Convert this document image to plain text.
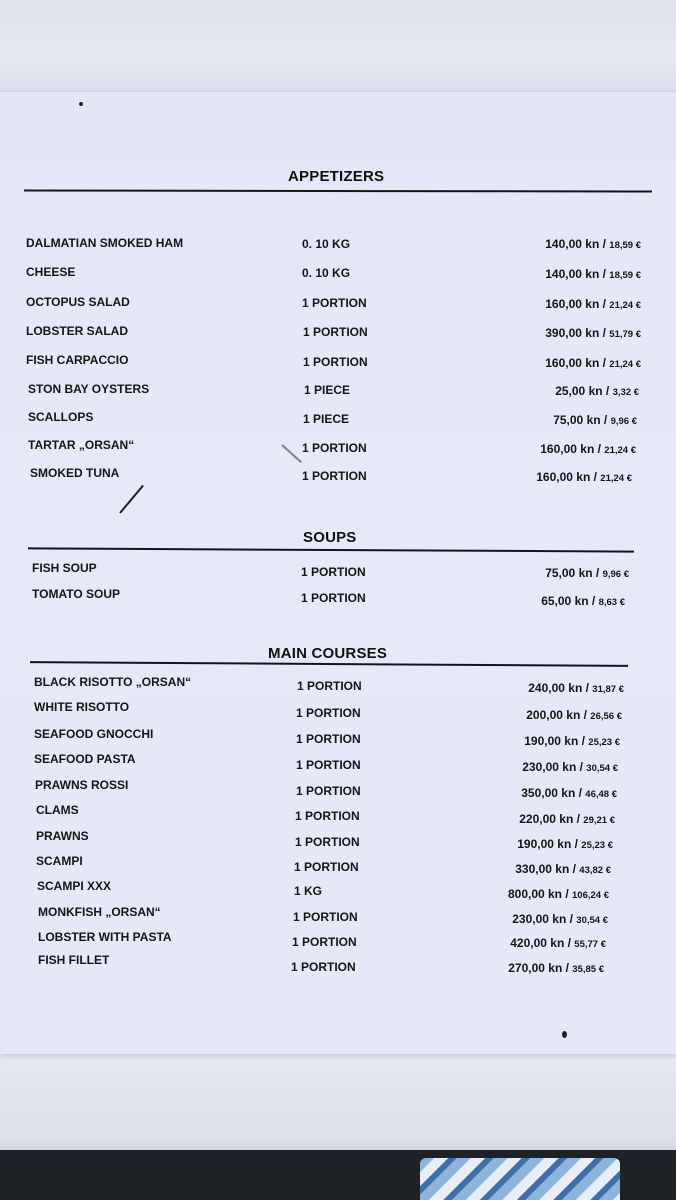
APPETIZERS
SOUPS
MAIN COURSES
DALMATIAN SMOKED HAM	0. 10 KG	140,00 kn / 18,59 €
CHEESE	0. 10 KG	140,00 kn / 18,59 €
OCTOPUS SALAD	1 PORTION	160,00 kn / 21,24 €
LOBSTER SALAD	1 PORTION	390,00 kn / 51,79 €
FISH CARPACCIO	1 PORTION	160,00 kn / 21,24 €
STON BAY OYSTERS	1 PIECE	25,00 kn / 3,32 €
SCALLOPS	1 PIECE	75,00 kn / 9,96 €
TARTAR „ORSAN“	1 PORTION	160,00 kn / 21,24 €
SMOKED TUNA	1 PORTION	160,00 kn / 21,24 €
FISH SOUP	1 PORTION	75,00 kn / 9,96 €
TOMATO SOUP	1 PORTION	65,00 kn / 8,63 €
BLACK RISOTTO „ORSAN“	1 PORTION	240,00 kn / 31,87 €
WHITE RISOTTO	1 PORTION	200,00 kn / 26,56 €
SEAFOOD GNOCCHI	1 PORTION	190,00 kn / 25,23 €
SEAFOOD PASTA	1 PORTION	230,00 kn / 30,54 €
PRAWNS ROSSI	1 PORTION	350,00 kn / 46,48 €
CLAMS	1 PORTION	220,00 kn / 29,21 €
PRAWNS	1 PORTION	190,00 kn / 25,23 €
SCAMPI	1 PORTION	330,00 kn / 43,82 €
SCAMPI XXX	1 KG	800,00 kn / 106,24 €
MONKFISH „ORSAN“	1 PORTION	230,00 kn / 30,54 €
LOBSTER WITH PASTA	1 PORTION	420,00 kn / 55,77 €
FISH FILLET	1 PORTION	270,00 kn / 35,85 €
